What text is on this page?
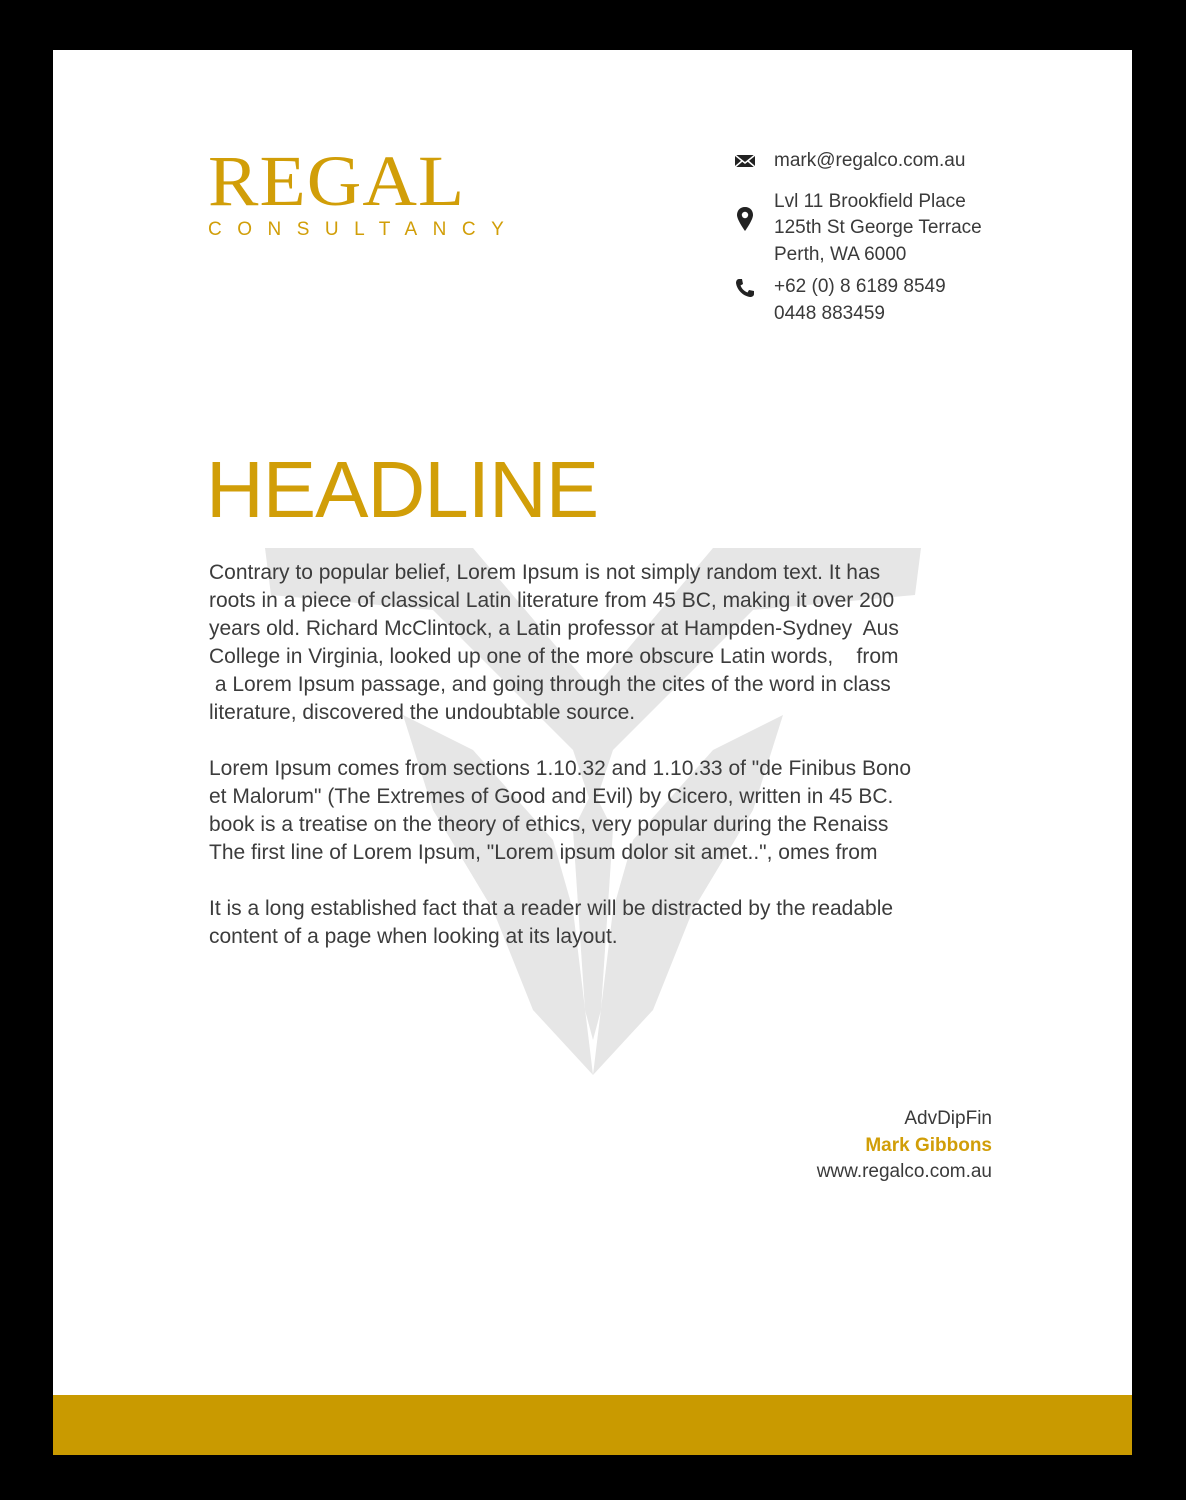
REGAL
CONSULTANCY
mark@regalco.com.au
Lvl 11 Brookfield Place
125th St George Terrace
Perth, WA 6000
+62 (0) 8 6189 8549
0448 883459
HEADLINE
Contrary to popular belief, Lorem Ipsum is not simply random text. It has
roots in a piece of classical Latin literature from 45 BC, making it over 200
years old. Richard McClintock, a Latin professor at Hampden-Sydney  Aus
College in Virginia, looked up one of the more obscure Latin words,    from
a Lorem Ipsum passage, and going through the cites of the word in class
literature, discovered the undoubtable source.
Lorem Ipsum comes from sections 1.10.32 and 1.10.33 of "de Finibus Bono
et Malorum" (The Extremes of Good and Evil) by Cicero, written in 45 BC.
book is a treatise on the theory of ethics, very popular during the Renaiss
The first line of Lorem Ipsum, "Lorem ipsum dolor sit amet..", omes from
It is a long established fact that a reader will be distracted by the readable
content of a page when looking at its layout.
AdvDipFin
Mark Gibbons
www.regalco.com.au
